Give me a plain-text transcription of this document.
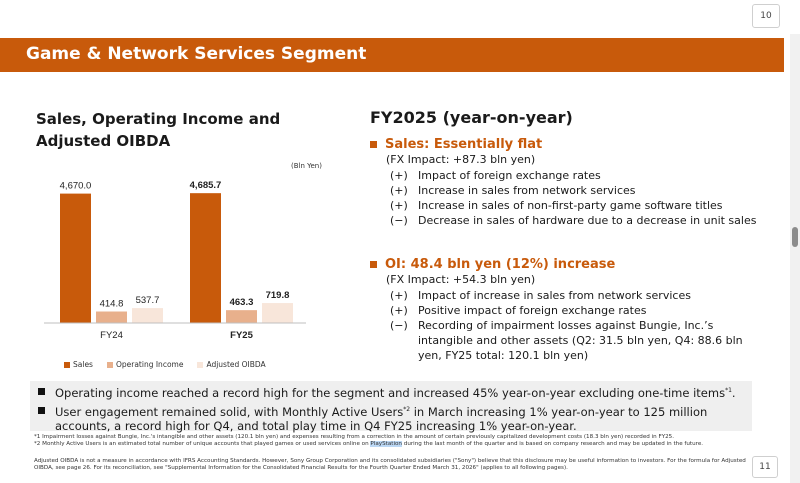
10
Game & Network Services Segment
Sales, Operating Income and Adjusted OIBDA
(Bln Yen)
4,670.0
414.8 537.7
FY24
4,685.7
463.3
719.8
FY25
Sales	Operating Income	Adjusted OIBDA
FY2025 (year-on-year)
Sales: Essentially flat
(FX Impact: +87.3 bln yen)
(+) Impact of foreign exchange rates
(+) Increase in sales from network services
(+) Increase in sales of non-first-party game software titles
(−) Decrease in sales of hardware due to a decrease in unit sales
OI: 48.4 bln yen (12%) increase
(FX Impact: +54.3 bln yen)
(+) Impact of increase in sales from network services
(+) Positive impact of foreign exchange rates
(−) Recording of impairment losses against Bungie, Inc.’s intangible and other assets (Q2: 31.5 bln yen, Q4: 88.6 bln yen, FY25 total: 120.1 bln yen)
Operating income reached a record high for the segment and increased 45% year-on-year excluding one-time items$^{*1}$.
User engagement remained solid, with Monthly Active Users$^{*2}$ in March increasing 1% year-on-year to 125 million accounts, a record high for Q4, and total play time in Q4 FY25 increasing 1% year-on-year.
*1 Impairment losses against Bungie, Inc.'s intangible and other assets (120.1 bln yen) and expenses resulting from a correction in the amount of certain previously capitalized development costs (18.3 bln yen) recorded in FY25.
*2 Monthly Active Users is an estimated total number of unique accounts that played games or used services online on PlayStation during the last month of the quarter and is based on company research and may be updated in the future.
Adjusted OIBDA is not a measure in accordance with IFRS Accounting Standards. However, Sony Group Corporation and its consolidated subsidiaries ("Sony") believe that this disclosure may be useful information to investors. For the formula for Adjusted OIBDA, see page 26. For its reconciliation, see "Supplemental Information for the Consolidated Financial Results for the Fourth Quarter Ended March 31, 2026" (applies to all following pages).	11
